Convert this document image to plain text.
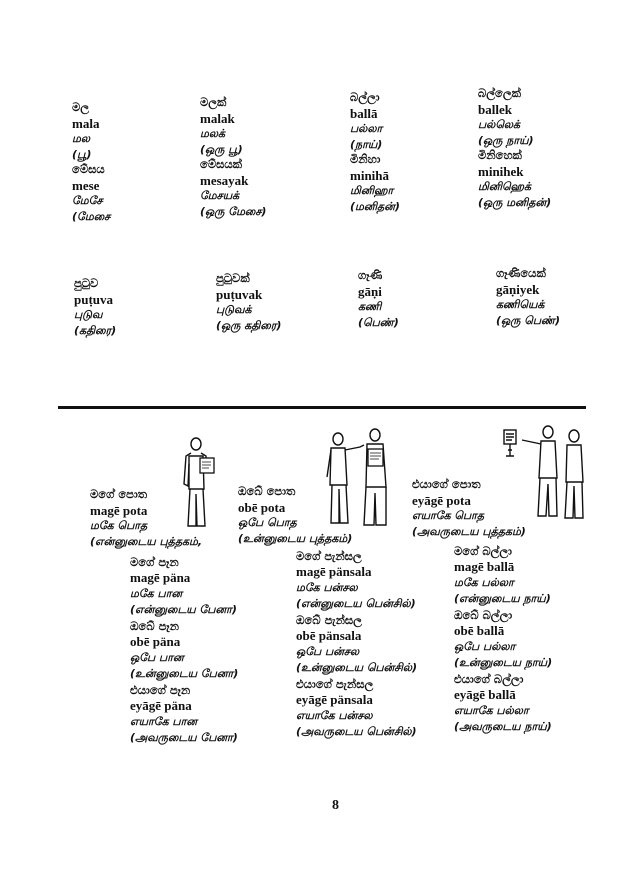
මල
mala
மல
(பூ)
මේසය
mese
மேசே
(மேசை
මලක්
malak
மலக்
(ஒரு பூ)
මේසයක්
mesayak
மேசயக்
(ஒரு மேசை)
බල්ලා
ballā
பல்லா
(நாய்)
මිනිහා
minihā
மினிஹா
(மனிதன்)
බල්ලෙක්
ballek
பல்லெக்
(ஒரு நாய்)
මිනිහෙක්
minihek
மினிஹெக்
(ஒரு மனிதன்)
පුටුව
puṭuva
புடுவ
(கதிரை)
පුටුවක්
puṭuvak
புடுவக்
(ஒரு கதிரை)
ගෑණි
gāṇi
கணி
(பெண்)
ගෑණියෙක්
gāṇiyek
கணியெக்
(ஒரு பெண்)
මගේ පොත
magē pota
மகே பொத
(என்னுடைய புத்தகம்,
ඔබේ පොත
obē pota
ஒபே பொத
(உன்னுடைய புத்தகம்)
එයාගේ පොත
eyāgē pota
எயாகே பொத
(அவருடைய புத்தகம்)
මගේ පෑන
magē päna
மகே பான
(என்னுடைய பேனா)
ඔබේ පෑන
obē päna
ஒபே பான
(உன்னுடைய பேனா)
එයාගේ පෑන
eyāgē päna
எயாகே பான
(அவருடைய பேனா)
මගේ පැන්සල
magē pänsala
மகே பன்சல
(என்னுடைய பென்சில்)
ඔබේ පැන්සල
obē pänsala
ஒபே பன்சல
(உன்னுடைய பென்சில்)
එයාගේ පැන්සල
eyāgē pänsala
எயாகே பன்சல
(அவருடைய பென்சில்)
මගේ බල්ලා
magē ballā
மகே பல்லா
(என்னுடைய நாய்)
ඔබේ බල්ලා
obē ballā
ஒபே பல்லா
(உன்னுடைய நாய்)
එයාගේ බල්ලා
eyāgē ballā
எயாகே பல்லா
(அவருடைய நாய்)
8
